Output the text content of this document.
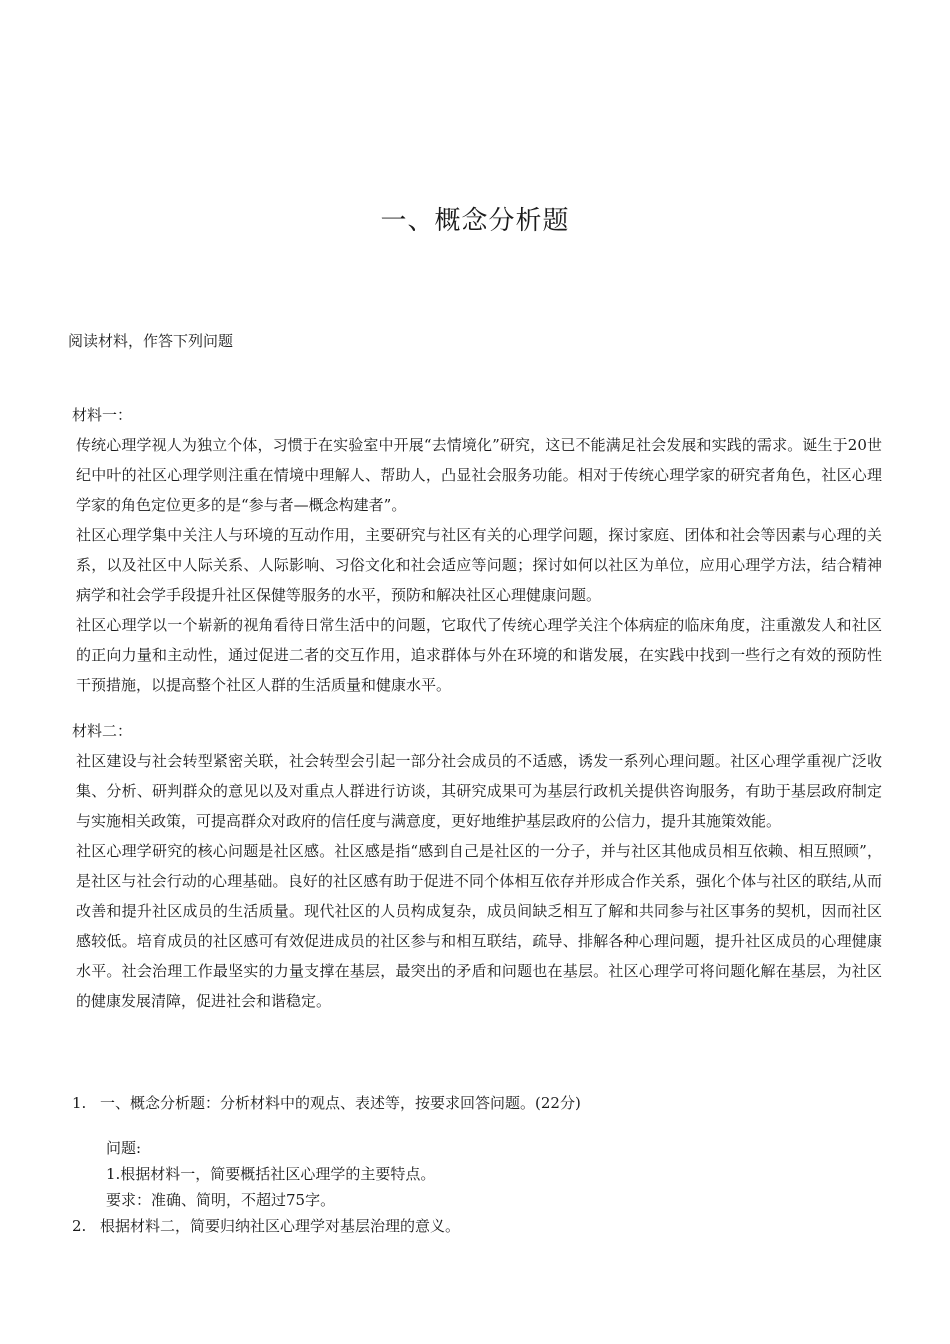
一、概念分析题
阅读材料，作答下列问题
材料一：

传统心理学视人为独立个体，习惯于在实验室中开展“去情境化”研究，这已不能满足社会发展和实践的需求。诞生于20世纪中叶的社区心理学则注重在情境中理解人、帮助人，凸显社会服务功能。相对于传统心理学家的研究者角色，社区心理学家的角色定位更多的是“参与者—概念构建者”。

社区心理学集中关注人与环境的互动作用，主要研究与社区有关的心理学问题，探讨家庭、团体和社会等因素与心理的关系，以及社区中人际关系、人际影响、习俗文化和社会适应等问题；探讨如何以社区为单位，应用心理学方法，结合精神病学和社会学手段提升社区保健等服务的水平，预防和解决社区心理健康问题。

社区心理学以一个崭新的视角看待日常生活中的问题，它取代了传统心理学关注个体病症的临床角度，注重激发人和社区的正向力量和主动性，通过促进二者的交互作用，追求群体与外在环境的和谐发展，在实践中找到一些行之有效的预防性干预措施，以提高整个社区人群的生活质量和健康水平。

材料二：

社区建设与社会转型紧密关联，社会转型会引起一部分社会成员的不适感，诱发一系列心理问题。社区心理学重视广泛收集、分析、研判群众的意见以及对重点人群进行访谈，其研究成果可为基层行政机关提供咨询服务，有助于基层政府制定与实施相关政策，可提高群众对政府的信任度与满意度，更好地维护基层政府的公信力，提升其施策效能。

社区心理学研究的核心问题是社区感。社区感是指“感到自己是社区的一分子，并与社区其他成员相互依赖、相互照顾”，是社区与社会行动的心理基础。良好的社区感有助于促进不同个体相互依存并形成合作关系，强化个体与社区的联结,从而改善和提升社区成员的生活质量。现代社区的人员构成复杂，成员间缺乏相互了解和共同参与社区事务的契机，因而社区感较低。培育成员的社区感可有效促进成员的社区参与和相互联结，疏导、排解各种心理问题，提升社区成员的心理健康水平。社会治理工作最坚实的力量支撑在基层，最突出的矛盾和问题也在基层。社区心理学可将问题化解在基层，为社区的健康发展清障，促进社会和谐稳定。

1. 一、概念分析题：分析材料中的观点、表述等，按要求回答问题。(22分)
问题:
1.根据材料一，简要概括社区心理学的主要特点。
要求：准确、简明，不超过75字。
2. 根据材料二，简要归纳社区心理学对基层治理的意义。
